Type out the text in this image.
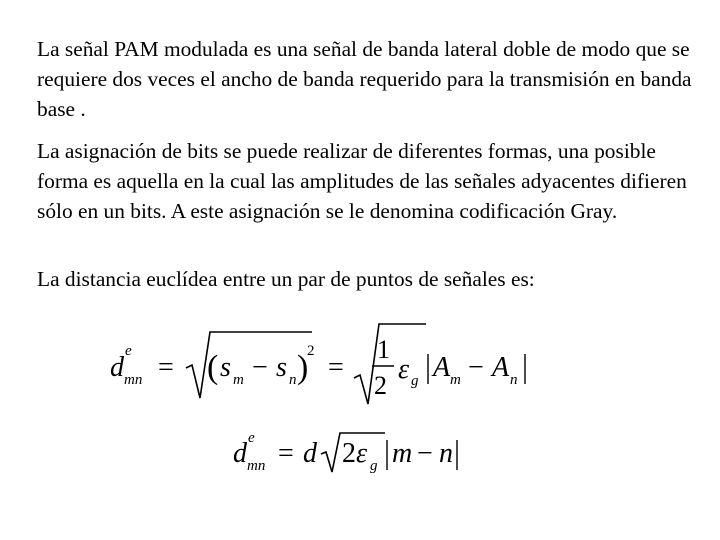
La señal PAM modulada es una señal de banda lateral doble de modo que se requiere dos veces el ancho de banda requerido para la transmisión en banda base .

La asignación de bits se puede realizar de diferentes formas, una posible forma es aquella en la cual las amplitudes de las señales adyacentes difieren sólo en un bits. A este asignación se le denomina codificación Gray.

La distancia euclídea entre un par de puntos de señales es:

d
e
mn = ( s m − s n )
2
=
1
2
ε g A m − A n
d e
mn = d 2 ε g m − n
